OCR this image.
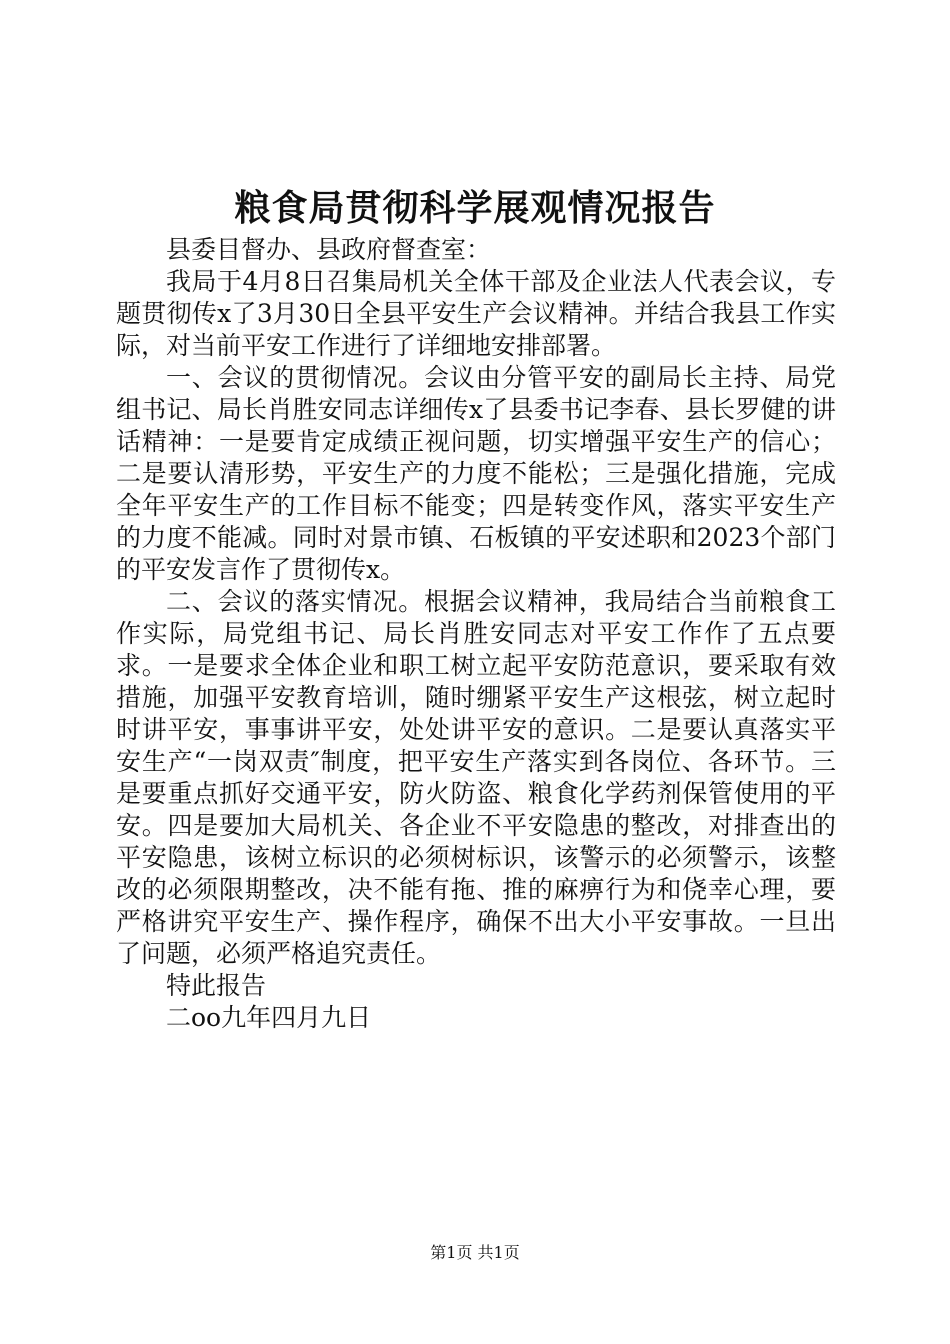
粮食局贯彻科学展观情况报告

县委目督办、县政府督查室：

我局于4月8日召集局机关全体干部及企业法人代表会议，专题贯彻传x了3月30日全县平安生产会议精神。并结合我县工作实际，对当前平安工作进行了详细地安排部署。

一、会议的贯彻情况。会议由分管平安的副局长主持、局党组书记、局长肖胜安同志详细传x了县委书记李春、县长罗健的讲话精神：一是要肯定成绩正视问题，切实增强平安生产的信心；二是要认清形势，平安生产的力度不能松；三是强化措施，完成全年平安生产的工作目标不能变；四是转变作风，落实平安生产的力度不能减。同时对景市镇、石板镇的平安述职和2023个部门的平安发言作了贯彻传x。

二、会议的落实情况。根据会议精神，我局结合当前粮食工作实际，局党组书记、局长肖胜安同志对平安工作作了五点要求。一是要求全体企业和职工树立起平安防范意识，要采取有效措施，加强平安教育培训，随时绷紧平安生产这根弦，树立起时时讲平安，事事讲平安，处处讲平安的意识。二是要认真落实平安生产“一岗双责″制度，把平安生产落实到各岗位、各环节。三是要重点抓好交通平安，防火防盗、粮食化学药剂保管使用的平安。四是要加大局机关、各企业不平安隐患的整改，对排查出的平安隐患，该树立标识的必须树标识，该警示的必须警示，该整改的必须限期整改，决不能有拖、推的麻痹行为和侥幸心理，要严格讲究平安生产、操作程序，确保不出大小平安事故。一旦出了问题，必须严格追究责任。

特此报告

二oo九年四月九日

第1页 共1页
